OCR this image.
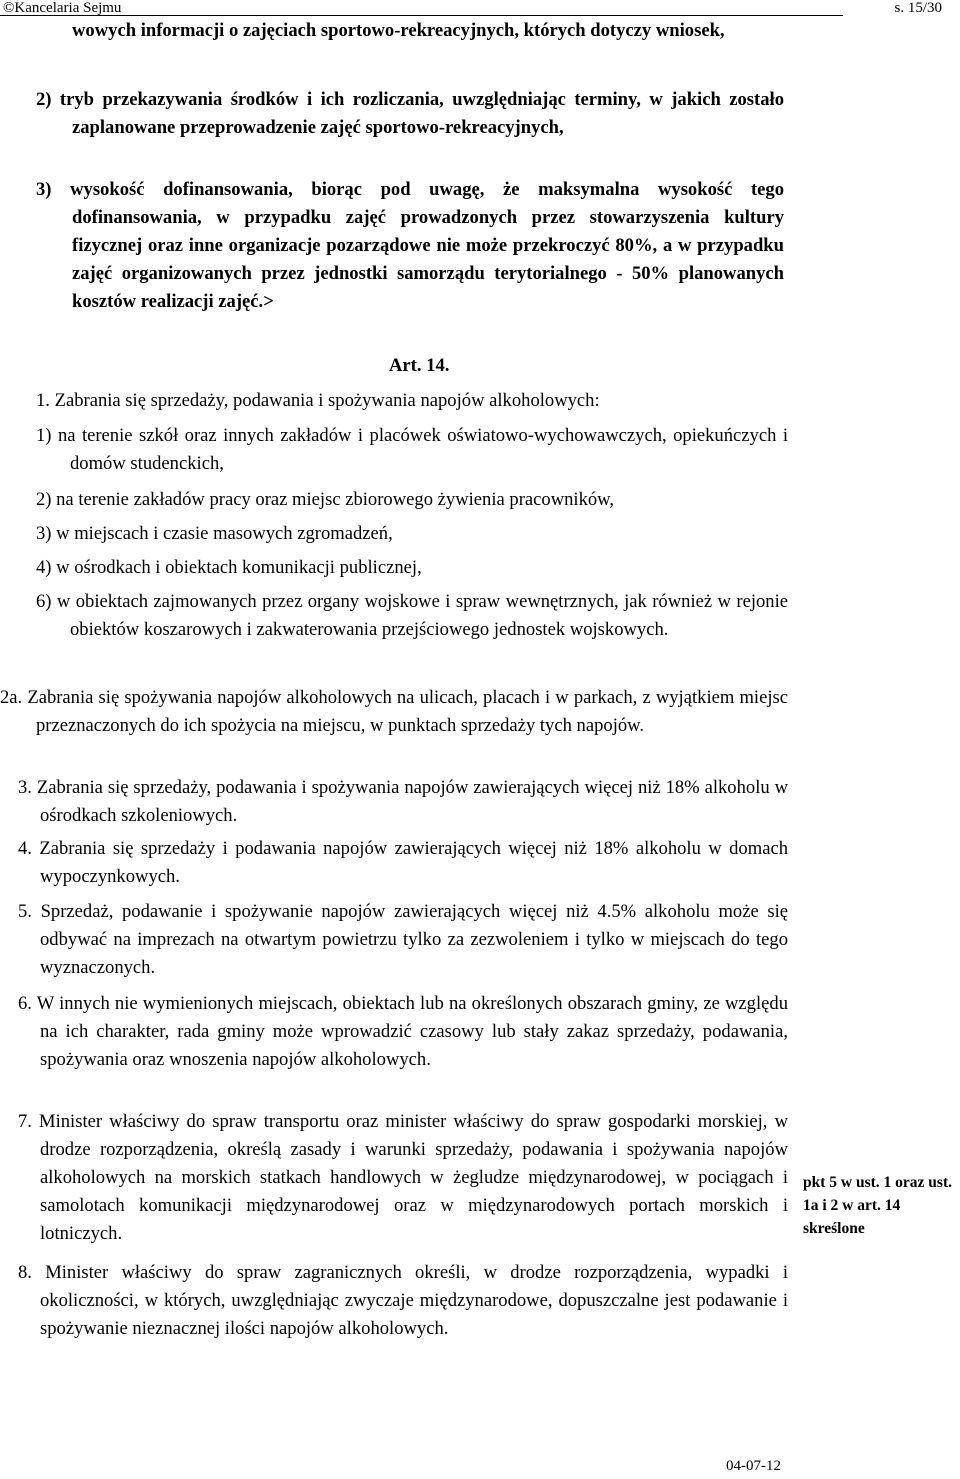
©Kancelaria Sejmu	s. 15/30
wowych informacji o zajęciach sportowo-rekreacyjnych, których dotyczy wniosek,
2) tryb przekazywania środków i ich rozliczania, uwzględniając terminy, w jakich zostało zaplanowane przeprowadzenie zajęć sportowo-rekreacyjnych,
3) wysokość dofinansowania, biorąc pod uwagę, że maksymalna wysokość tego dofinansowania, w przypadku zajęć prowadzonych przez stowarzyszenia kultury fizycznej oraz inne organizacje pozarządowe nie może przekroczyć 80%, a w przypadku zajęć organizowanych przez jednostki samorządu terytorialnego - 50% planowanych kosztów realizacji zajęć.>
Art. 14.
1. Zabrania się sprzedaży, podawania i spożywania napojów alkoholowych:
1) na terenie szkół oraz innych zakładów i placówek oświatowo-wychowawczych, opiekuńczych i domów studenckich,
2) na terenie zakładów pracy oraz miejsc zbiorowego żywienia pracowników,
3) w miejscach i czasie masowych zgromadzeń,
4) w ośrodkach i obiektach komunikacji publicznej,
6) w obiektach zajmowanych przez organy wojskowe i spraw wewnętrznych, jak również w rejonie obiektów koszarowych i zakwaterowania przejściowego jednostek wojskowych.
2a. Zabrania się spożywania napojów alkoholowych na ulicach, placach i w parkach, z wyjątkiem miejsc przeznaczonych do ich spożycia na miejscu, w punktach sprzedaży tych napojów.
3. Zabrania się sprzedaży, podawania i spożywania napojów zawierających więcej niż 18% alkoholu w ośrodkach szkoleniowych.
4. Zabrania się sprzedaży i podawania napojów zawierających więcej niż 18% alkoholu w domach wypoczynkowych.
5. Sprzedaż, podawanie i spożywanie napojów zawierających więcej niż 4.5% alkoholu może się odbywać na imprezach na otwartym powietrzu tylko za zezwoleniem i tylko w miejscach do tego wyznaczonych.
6. W innych nie wymienionych miejscach, obiektach lub na określonych obszarach gminy, ze względu na ich charakter, rada gminy może wprowadzić czasowy lub stały zakaz sprzedaży, podawania, spożywania oraz wnoszenia napojów alkoholowych.
7. Minister właściwy do spraw transportu oraz minister właściwy do spraw gospodarki morskiej, w drodze rozporządzenia, określą zasady i warunki sprzedaży, podawania i spożywania napojów alkoholowych na morskich statkach handlowych w żegludze międzynarodowej, w pociągach i samolotach komunikacji międzynarodowej oraz w międzynarodowych portach morskich i lotniczych.
8. Minister właściwy do spraw zagranicznych określi, w drodze rozporządzenia, wypadki i okoliczności, w których, uwzględniając zwyczaje międzynarodowe, dopuszczalne jest podawanie i spożywanie nieznacznej ilości napojów alkoholowych.
pkt 5 w ust. 1 oraz ust. 1a i 2 w art. 14 skreślone
04-07-12
